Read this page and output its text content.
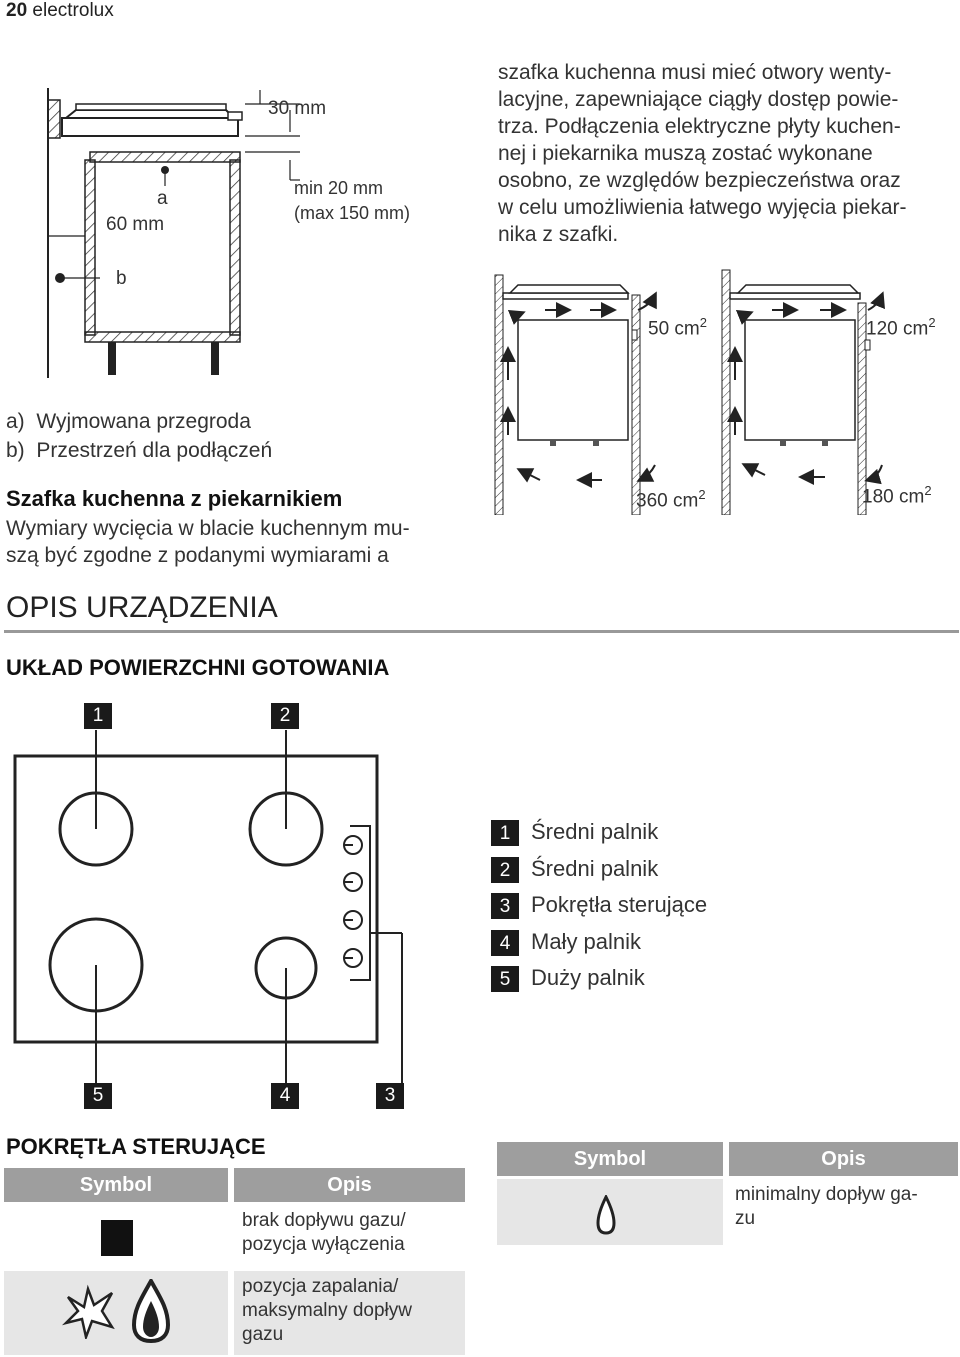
20 electrolux
30 mm
min 20 mm
(max 150 mm)
a
60 mm
b
szafka kuchenna musi mieć otwory wenty-
lacyjne, zapewniające ciągły dostęp powie-
trza. Podłączenia elektryczne płyty kuchen-
nej i piekarnika muszą zostać wykonane
osobno, ze względów bezpieczeństwa oraz
w celu umożliwienia łatwego wyjęcia piekar-
nika z szafki.
50 $cm^2$	120 $cm^2$
360 $cm^2$	180 $cm^2$
a)  Wyjmowana przegroda
b)  Przestrzeń dla podłączeń
Szafka kuchenna z piekarnikiem
Wymiary wycięcia w blacie kuchennym mu-
szą być zgodne z podanymi wymiarami a
OPIS URZĄDZENIA
UKŁAD POWIERZCHNI GOTOWANIA
1	2
5	4	3
1 Średni palnik
2 Średni palnik
3 Pokrętła sterujące
4 Mały palnik
5 Duży palnik
POKRĘTŁA STERUJĄCE
Symbol	Opis
brak dopływu gazu/
pozycja wyłączenia
pozycja zapalania/
maksymalny dopływ
gazu
Symbol	Opis
minimalny dopływ ga-
zu
